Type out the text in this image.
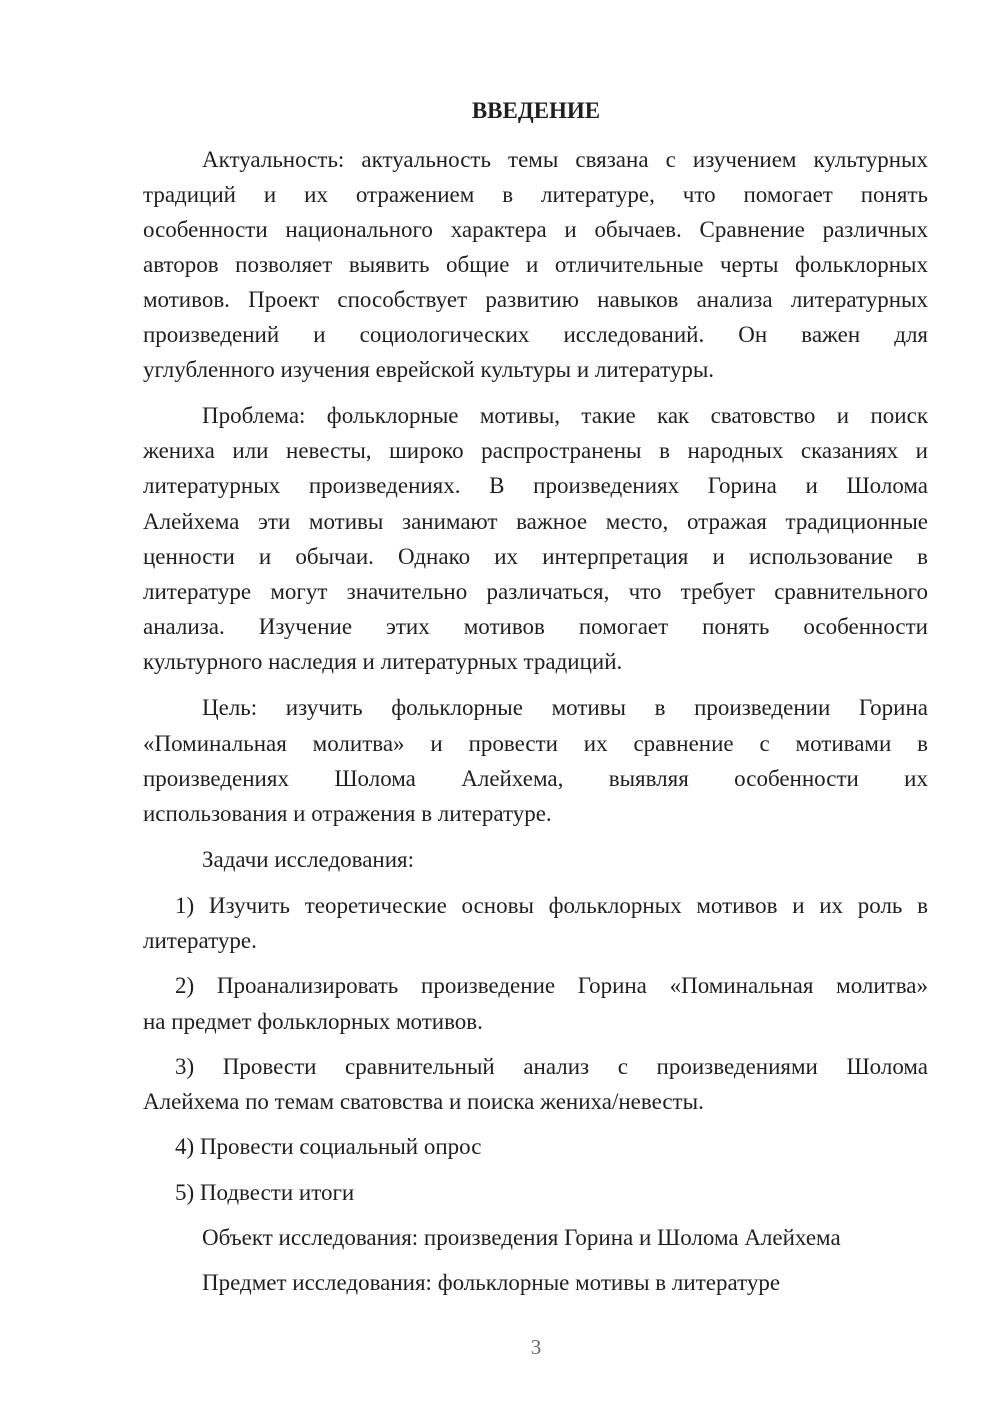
ВВЕДЕНИЕ
Актуальность: актуальность темы связана с изучением культурных
традиций и их отражением в литературе, что помогает понять
особенности национального характера и обычаев. Сравнение различных
авторов позволяет выявить общие и отличительные черты фольклорных
мотивов. Проект способствует развитию навыков анализа литературных
произведений и социологических исследований. Он важен для
углубленного изучения еврейской культуры и литературы.
Проблема: фольклорные мотивы, такие как сватовство и поиск
жениха или невесты, широко распространены в народных сказаниях и
литературных произведениях. В произведениях Горина и Шолома
Алейхема эти мотивы занимают важное место, отражая традиционные
ценности и обычаи. Однако их интерпретация и использование в
литературе могут значительно различаться, что требует сравнительного
анализа. Изучение этих мотивов помогает понять особенности
культурного наследия и литературных традиций.
Цель: изучить фольклорные мотивы в произведении Горина
«Поминальная молитва» и провести их сравнение с мотивами в
произведениях Шолома Алейхема, выявляя особенности их
использования и отражения в литературе.
Задачи исследования:
1) Изучить теоретические основы фольклорных мотивов и их роль в
литературе.
2) Проанализировать произведение Горина «Поминальная молитва»
на предмет фольклорных мотивов.
3) Провести сравнительный анализ с произведениями Шолома
Алейхема по темам сватовства и поиска жениха/невесты.
4) Провести социальный опрос
5) Подвести итоги
Объект исследования: произведения Горина и Шолома Алейхема
Предмет исследования: фольклорные мотивы в литературе
3
